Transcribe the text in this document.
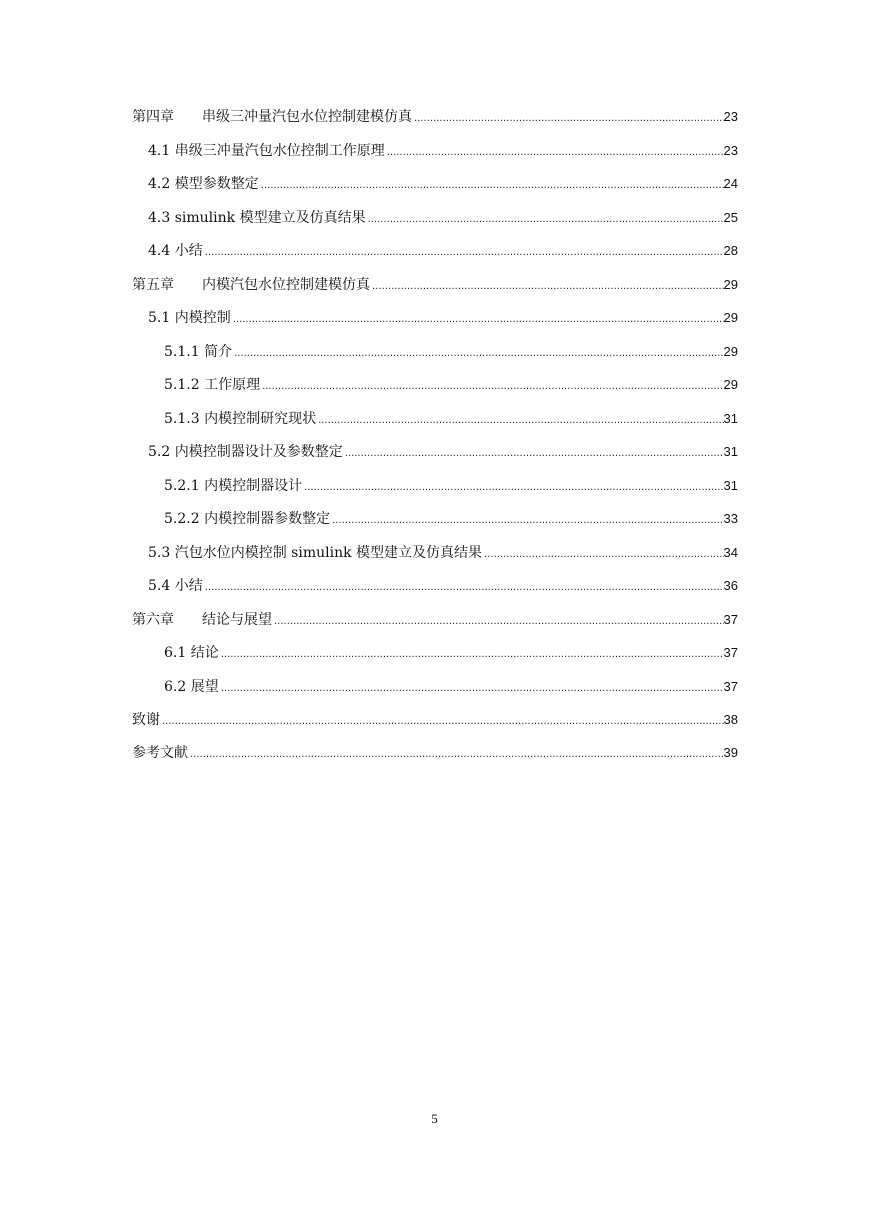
第四章　　串级三冲量汽包水位控制建模仿真 .....	23
4.1 串级三冲量汽包水位控制工作原理 .....	23
4.2 模型参数整定 .....	24
4.3 simulink 模型建立及仿真结果 .....	25
4.4 小结 .....	28
第五章　　内模汽包水位控制建模仿真 .....	29
5.1 内模控制 .....	29
5.1.1 简介 .....	29
5.1.2 工作原理 .....	29
5.1.3 内模控制研究现状 .....	31
5.2 内模控制器设计及参数整定 .....	31
5.2.1 内模控制器设计 .....	31
5.2.2 内模控制器参数整定 .....	33
5.3 汽包水位内模控制 simulink 模型建立及仿真结果 .....	34
5.4 小结 .....	36
第六章　　结论与展望 .....	37
6.1 结论 .....	37
6.2 展望 .....	37
致谢 .....	38
参考文献 .....	39
5
